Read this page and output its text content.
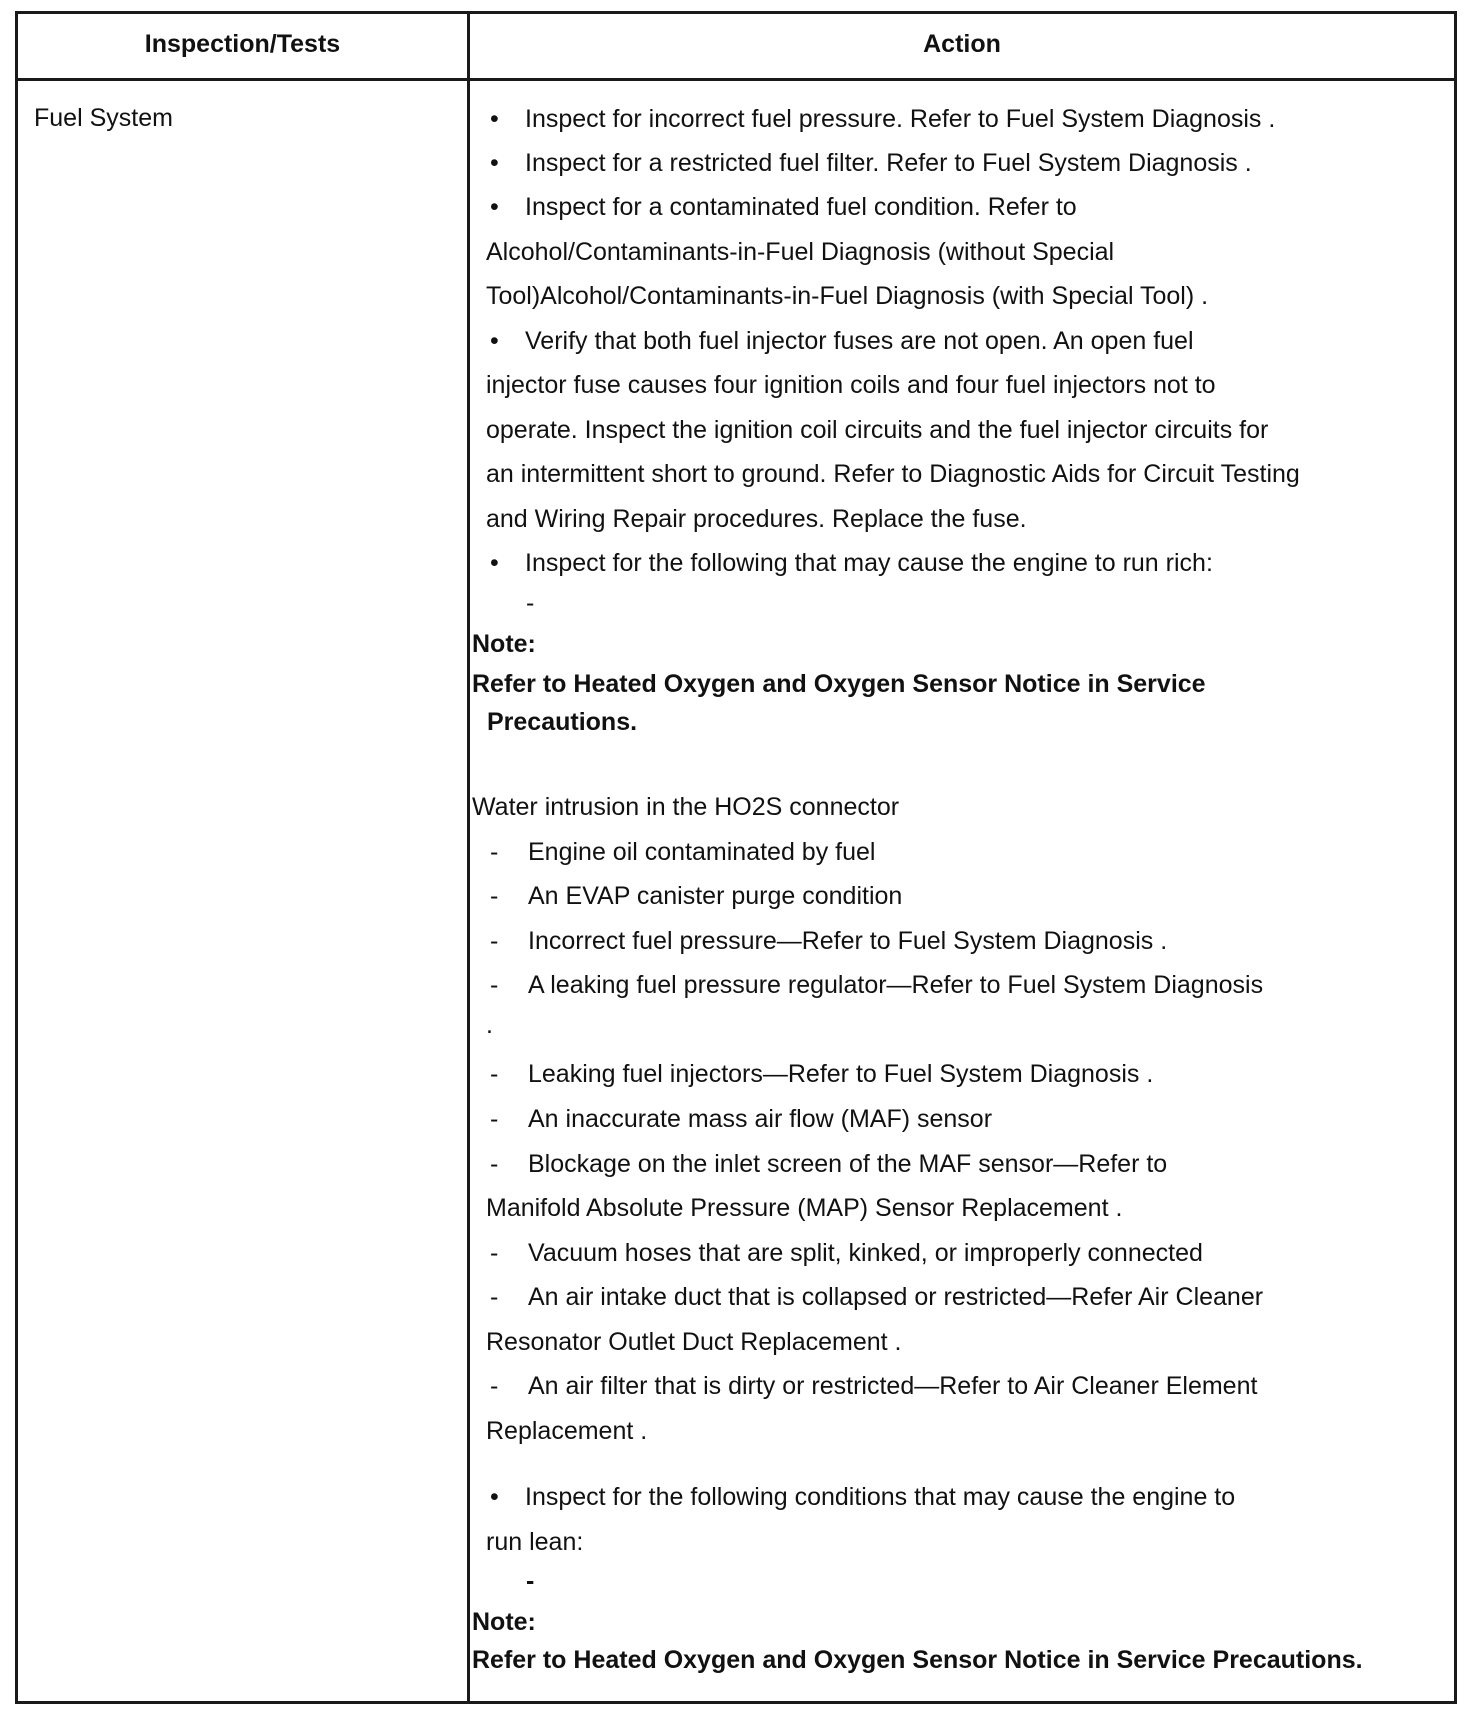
Inspection/Tests	Action
Fuel System	• Inspect for incorrect fuel pressure. Refer to Fuel System Diagnosis .
• Inspect for a restricted fuel filter. Refer to Fuel System Diagnosis .
• Inspect for a contaminated fuel condition. Refer to
Alcohol/Contaminants-in-Fuel Diagnosis (without Special
Tool)Alcohol/Contaminants-in-Fuel Diagnosis (with Special Tool) .
• Verify that both fuel injector fuses are not open. An open fuel
injector fuse causes four ignition coils and four fuel injectors not to
operate. Inspect the ignition coil circuits and the fuel injector circuits for
an intermittent short to ground. Refer to Diagnostic Aids for Circuit Testing
and Wiring Repair procedures. Replace the fuse.
• Inspect for the following that may cause the engine to run rich:
-
Note:
Refer to Heated Oxygen and Oxygen Sensor Notice in Service
Precautions.
Water intrusion in the HO2S connector
- Engine oil contaminated by fuel
- An EVAP canister purge condition
- Incorrect fuel pressure—Refer to Fuel System Diagnosis .
- A leaking fuel pressure regulator—Refer to Fuel System Diagnosis
.
- Leaking fuel injectors—Refer to Fuel System Diagnosis .
- An inaccurate mass air flow (MAF) sensor
- Blockage on the inlet screen of the MAF sensor—Refer to
Manifold Absolute Pressure (MAP) Sensor Replacement .
- Vacuum hoses that are split, kinked, or improperly connected
- An air intake duct that is collapsed or restricted—Refer Air Cleaner
Resonator Outlet Duct Replacement .
- An air filter that is dirty or restricted—Refer to Air Cleaner Element
Replacement .
• Inspect for the following conditions that may cause the engine to
run lean:
-
Note:
Refer to Heated Oxygen and Oxygen Sensor Notice in Service Precautions.
